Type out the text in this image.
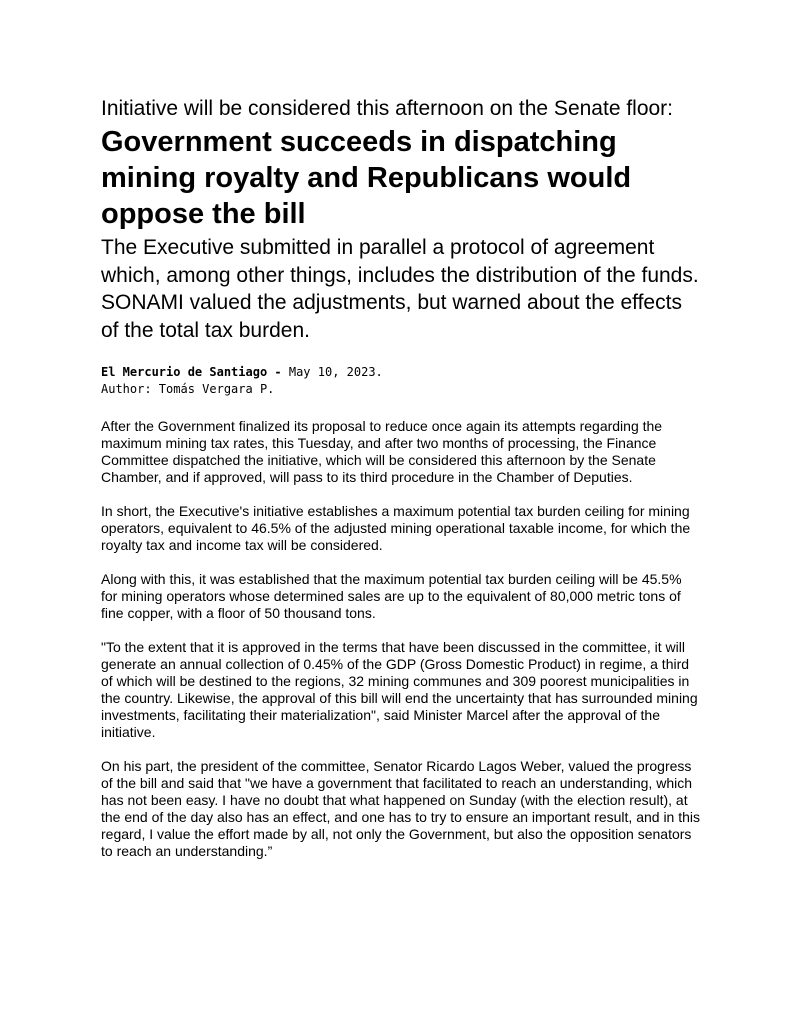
Initiative will be considered this afternoon on the Senate floor:
Government succeeds in dispatching mining royalty and Republicans would oppose the bill
The Executive submitted in parallel a protocol of agreement which, among other things, includes the distribution of the funds. SONAMI valued the adjustments, but warned about the effects of the total tax burden.
El Mercurio de Santiago - May 10, 2023.
Author: Tomás Vergara P.

After the Government finalized its proposal to reduce once again its attempts regarding the maximum mining tax rates, this Tuesday, and after two months of processing, the Finance Committee dispatched the initiative, which will be considered this afternoon by the Senate Chamber, and if approved, will pass to its third procedure in the Chamber of Deputies.

In short, the Executive's initiative establishes a maximum potential tax burden ceiling for mining operators, equivalent to 46.5% of the adjusted mining operational taxable income, for which the royalty tax and income tax will be considered.

Along with this, it was established that the maximum potential tax burden ceiling will be 45.5% for mining operators whose determined sales are up to the equivalent of 80,000 metric tons of fine copper, with a floor of 50 thousand tons.

"To the extent that it is approved in the terms that have been discussed in the committee, it will generate an annual collection of 0.45% of the GDP (Gross Domestic Product) in regime, a third of which will be destined to the regions, 32 mining communes and 309 poorest municipalities in the country. Likewise, the approval of this bill will end the uncertainty that has surrounded mining investments, facilitating their materialization", said Minister Marcel after the approval of the initiative.

On his part, the president of the committee, Senator Ricardo Lagos Weber, valued the progress of the bill and said that "we have a government that facilitated to reach an understanding, which has not been easy. I have no doubt that what happened on Sunday (with the election result), at the end of the day also has an effect, and one has to try to ensure an important result, and in this regard, I value the effort made by all, not only the Government, but also the opposition senators to reach an understanding.”
